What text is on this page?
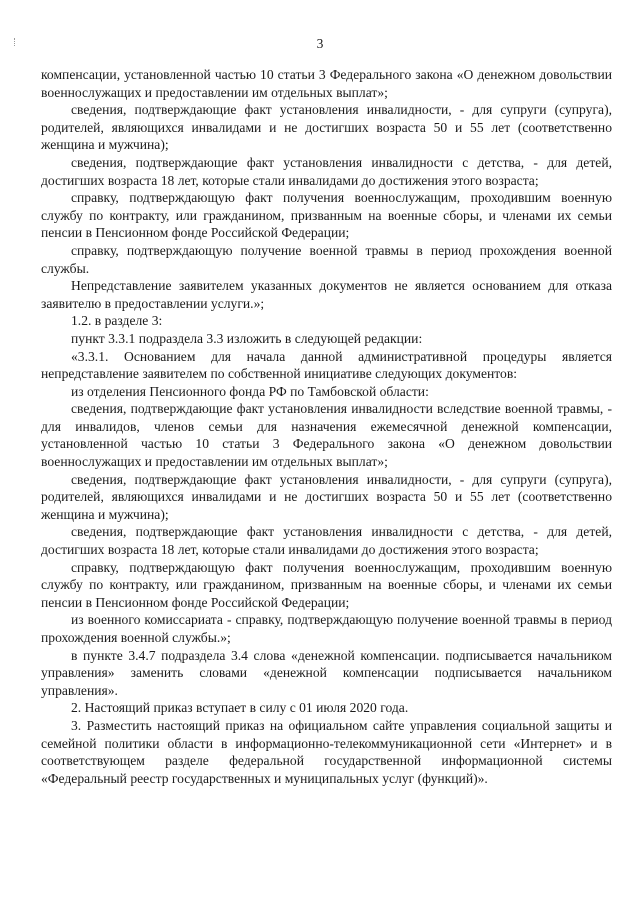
3

компенсации, установленной частью 10 статьи 3 Федерального закона «О денежном довольствии военнослужащих и предоставлении им отдельных выплат»;

сведения, подтверждающие факт установления инвалидности, - для супруги (супруга), родителей, являющихся инвалидами и не достигших возраста 50 и 55 лет (соответственно женщина и мужчина);

сведения, подтверждающие факт установления инвалидности с детства, - для детей, достигших возраста 18 лет, которые стали инвалидами до достижения этого возраста;

справку, подтверждающую факт получения военнослужащим, проходившим военную службу по контракту, или гражданином, призванным на военные сборы, и членами их семьи пенсии в Пенсионном фонде Российской Федерации;

справку, подтверждающую получение военной травмы в период прохождения военной службы.

Непредставление заявителем указанных документов не является основанием для отказа заявителю в предоставлении услуги.»;

1.2. в разделе 3:

пункт 3.3.1 подраздела 3.3 изложить в следующей редакции:

«3.3.1. Основанием для начала данной административной процедуры является непредставление заявителем по собственной инициативе следующих документов:

из отделения Пенсионного фонда РФ по Тамбовской области:

сведения, подтверждающие факт установления инвалидности вследствие военной травмы, - для инвалидов, членов семьи для назначения ежемесячной денежной компенсации, установленной частью 10 статьи 3 Федерального закона «О денежном довольствии военнослужащих и предоставлении им отдельных выплат»;

сведения, подтверждающие факт установления инвалидности, - для супруги (супруга), родителей, являющихся инвалидами и не достигших возраста 50 и 55 лет (соответственно женщина и мужчина);

сведения, подтверждающие факт установления инвалидности с детства, - для детей, достигших возраста 18 лет, которые стали инвалидами до достижения этого возраста;

справку, подтверждающую факт получения военнослужащим, проходившим военную службу по контракту, или гражданином, призванным на военные сборы, и членами их семьи пенсии в Пенсионном фонде Российской Федерации;

из военного комиссариата - справку, подтверждающую получение военной травмы в период прохождения военной службы.»;

в пункте 3.4.7 подраздела 3.4 слова «денежной компенсации. подписывается начальником управления» заменить словами «денежной компенсации подписывается начальником управления».

2. Настоящий приказ вступает в силу с 01 июля 2020 года.

3. Разместить настоящий приказ на официальном сайте управления социальной защиты и семейной политики области в информационно-телекоммуникационной сети «Интернет» и в соответствующем разделе федеральной государственной информационной системы «Федеральный реестр государственных и муниципальных услуг (функций)».
